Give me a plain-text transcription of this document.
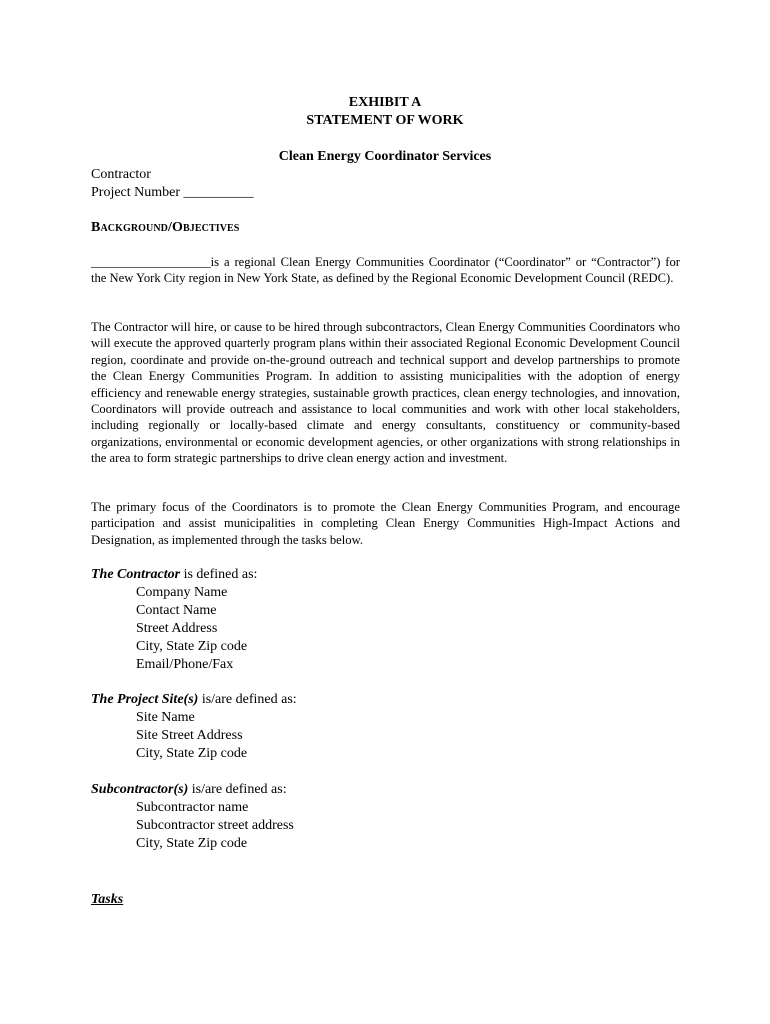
EXHIBIT A
STATEMENT OF WORK
Clean Energy Coordinator Services
Contractor
Project Number __________
Background/Objectives
___________________is a regional Clean Energy Communities Coordinator (“Coordinator” or “Contractor”) for the New York City region in New York State, as defined by the Regional Economic Development Council (REDC).
The Contractor will hire, or cause to be hired through subcontractors, Clean Energy Communities Coordinators who will execute the approved quarterly program plans within their associated Regional Economic Development Council region, coordinate and provide on-the-ground outreach and technical support and develop partnerships to promote the Clean Energy Communities Program. In addition to assisting municipalities with the adoption of energy efficiency and renewable energy strategies, sustainable growth practices, clean energy technologies, and innovation, Coordinators will provide outreach and assistance to local communities and work with other local stakeholders, including regionally or locally-based climate and energy consultants, constituency or community-based organizations, environmental or economic development agencies, or other organizations with strong relationships in the area to form strategic partnerships to drive clean energy action and investment.
The primary focus of the Coordinators is to promote the Clean Energy Communities Program, and encourage participation and assist municipalities in completing Clean Energy Communities High-Impact Actions and Designation, as implemented through the tasks below.
The Contractor is defined as:
Company Name
Contact Name
Street Address
City, State Zip code
Email/Phone/Fax
The Project Site(s) is/are defined as:
Site Name
Site Street Address
City, State Zip code
Subcontractor(s) is/are defined as:
Subcontractor name
Subcontractor street address
City, State Zip code
Tasks
